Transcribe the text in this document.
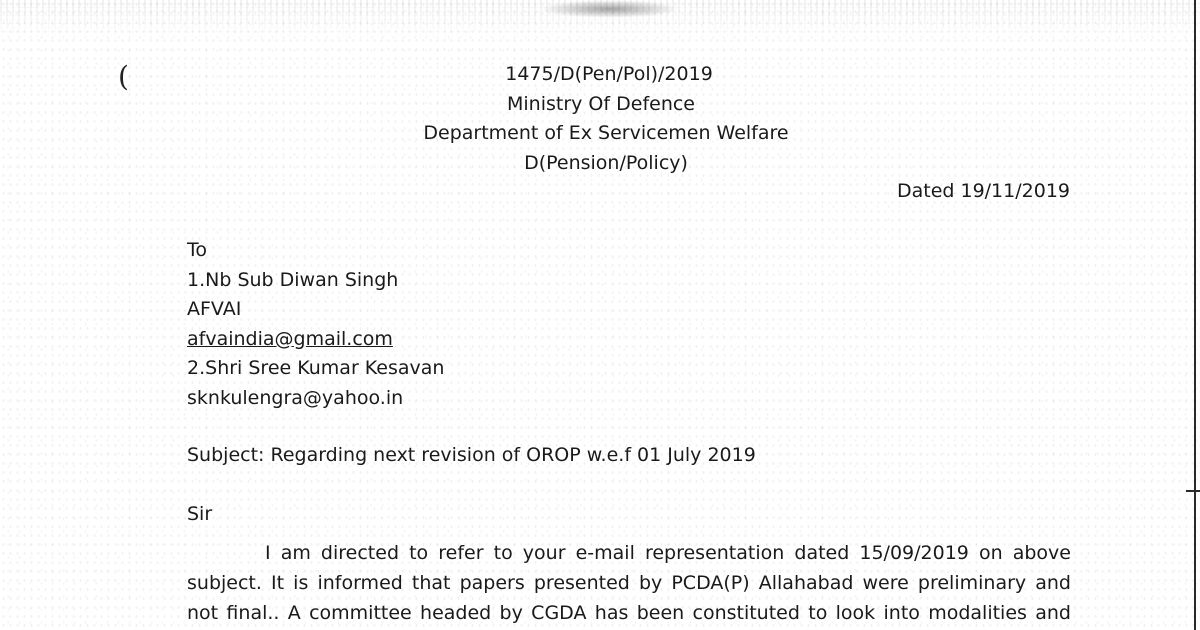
(	1475/D(Pen/Pol)/2019
Ministry Of Defence
Department of Ex Servicemen Welfare
D(Pension/Policy)
Dated 19/11/2019
To
1.Nb Sub Diwan Singh
AFVAI
afvaindia@gmail.com
2.Shri Sree Kumar Kesavan
sknkulengra@yahoo.in
Subject: Regarding next revision of OROP w.e.f 01 July 2019
Sir
I am directed to refer to your e-mail representation dated 15/09/2019 on above
subject. It is informed that papers presented by PCDA(P) Allahabad were preliminary and
not final.. A committee headed by CGDA has been constituted to look into modalities and
